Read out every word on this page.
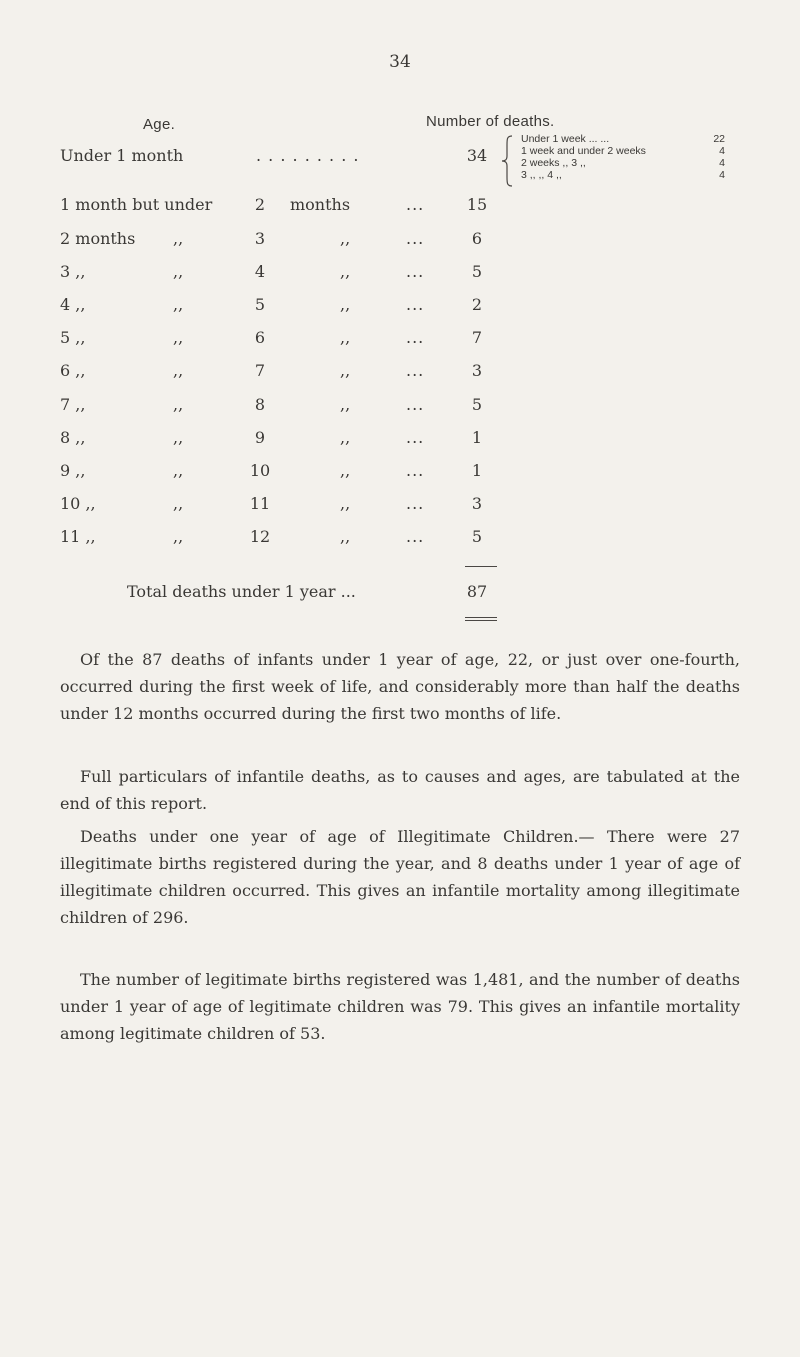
34
Age.	Number of deaths.
Under 1 month	. . . . . . . . .	34
Under 1 week ... ...	22
1 week and under 2 weeks	4
2 weeks ,, 3 ,,	4
3 ,, ,, 4 ,,	4
1 month but under	2	months	...	15
2 months ,,	3	,,	...	6
3 ,,	,,	4	,,	...	5
4 ,,	,,	5	,,	...	2
5 ,,	,,	6	,,	...	7
6 ,,	,,	7	,,	...	3
7 ,,	,,	8	,,	...	5
8 ,,	,,	9	,,	...	1
9 ,,	,,	10	,,	...	1
10 ,,	,,	11	,,	...	3
11 ,,	,,	12	,,	...	5
Total deaths under 1 year ...	87

Of the 87 deaths of infants under 1 year of age, 22, or just over one-fourth, occurred during the first week of life, and considerably more than half the deaths under 12 months occurred during the first two months of life.

Full particulars of infantile deaths, as to causes and ages, are tabulated at the end of this report.

Deaths under one year of age of Illegitimate Children.— There were 27 illegitimate births registered during the year, and 8 deaths under 1 year of age of illegitimate children occurred. This gives an infantile mortality among illegitimate children of 296.

The number of legitimate births registered was 1,481, and the number of deaths under 1 year of age of legitimate children was 79. This gives an infantile mortality among legitimate children of 53.
